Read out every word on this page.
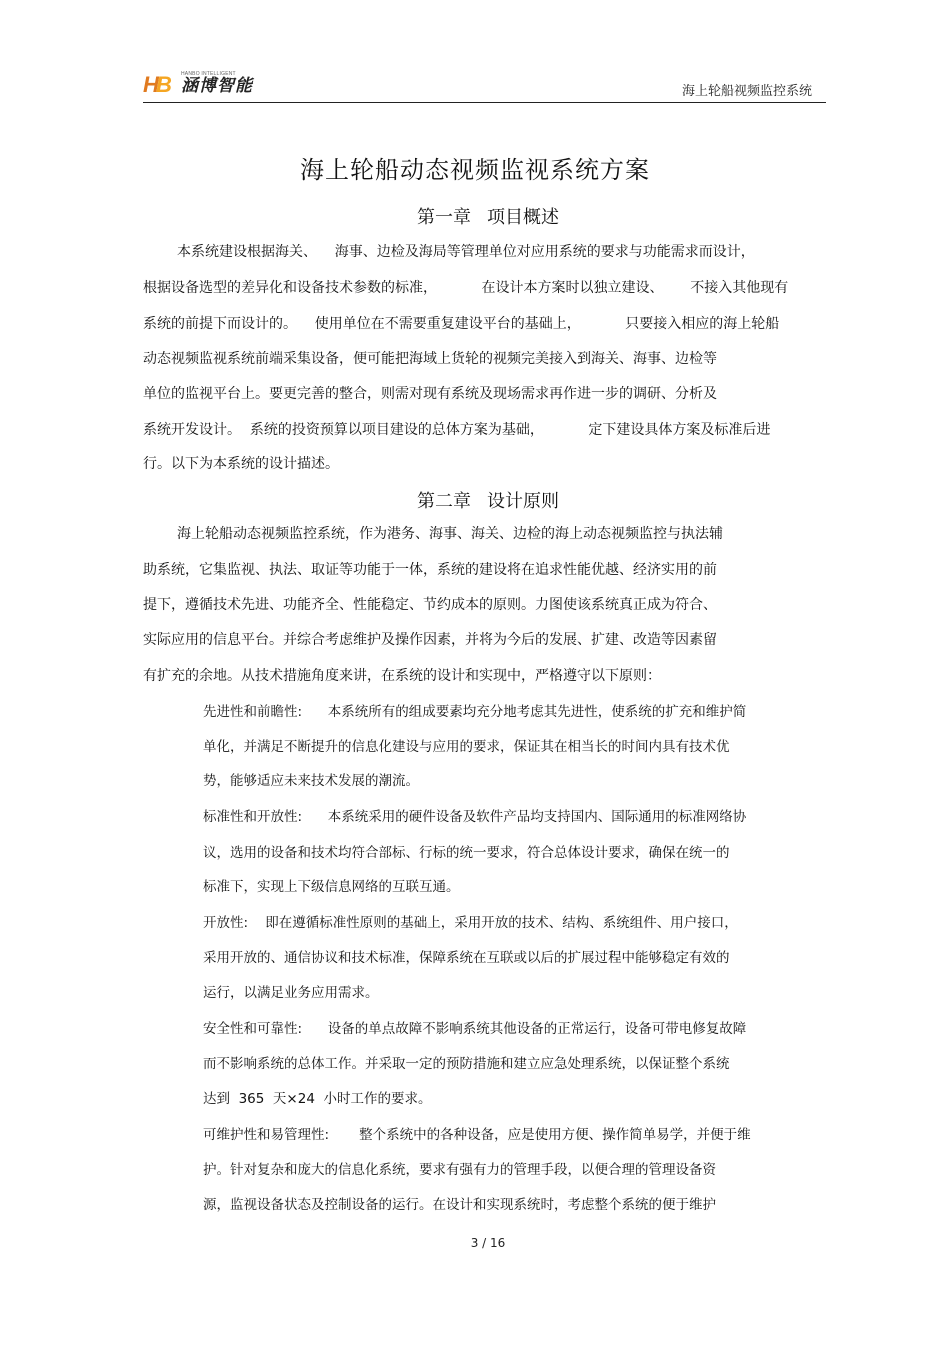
H B HANBO INTELLIGENT
涵博智能	海上轮船视频监控系统
海上轮船动态视频监视系统方案
第一章 项目概述
本系统建设根据海关、    海事、边检及海局等管理单位对应用系统的要求与功能需求而设计，
根据设备选型的差异化和设备技术参数的标准，          在设计本方案时以独立建设、      不接入其他现有
系统的前提下而设计的。    使用单位在不需要重复建设平台的基础上，          只要接入相应的海上轮船
动态视频监视系统前端采集设备，便可能把海域上货轮的视频完美接入到海关、海事、边检等
单位的监视平台上。要更完善的整合，则需对现有系统及现场需求再作进一步的调研、分析及
系统开发设计。  系统的投资预算以项目建设的总体方案为基础，          定下建设具体方案及标准后进
行。以下为本系统的设计描述。
第二章 设计原则
海上轮船动态视频监控系统，作为港务、海事、海关、边检的海上动态视频监控与执法辅
助系统，它集监视、执法、取证等功能于一体，系统的建设将在追求性能优越、经济实用的前
提下，遵循技术先进、功能齐全、性能稳定、节约成本的原则。力图使该系统真正成为符合、
实际应用的信息平台。并综合考虑维护及操作因素，并将为今后的发展、扩建、改造等因素留
有扩充的余地。从技术措施角度来讲，在系统的设计和实现中，严格遵守以下原则：
先进性和前瞻性:      本系统所有的组成要素均充分地考虑其先进性，使系统的扩充和维护简
单化，并满足不断提升的信息化建设与应用的要求，保证其在相当长的时间内具有技术优
势，能够适应未来技术发展的潮流。
标准性和开放性:      本系统采用的硬件设备及软件产品均支持国内、国际通用的标准网络协
议，选用的设备和技术均符合部标、行标的统一要求，符合总体设计要求，确保在统一的
标准下，实现上下级信息网络的互联互通。
开放性:    即在遵循标准性原则的基础上，采用开放的技术、结构、系统组件、用户接口，
采用开放的、通信协议和技术标准，保障系统在互联或以后的扩展过程中能够稳定有效的
运行，以满足业务应用需求。
安全性和可靠性:      设备的单点故障不影响系统其他设备的正常运行，设备可带电修复故障
而不影响系统的总体工作。并采取一定的预防措施和建立应急处理系统，以保证整个系统
达到  365  天×24  小时工作的要求。
可维护性和易管理性:       整个系统中的各种设备，应是使用方便、操作简单易学，并便于维
护。针对复杂和庞大的信息化系统，要求有强有力的管理手段，以便合理的管理设备资
源，监视设备状态及控制设备的运行。在设计和实现系统时，考虑整个系统的便于维护
3 / 16
